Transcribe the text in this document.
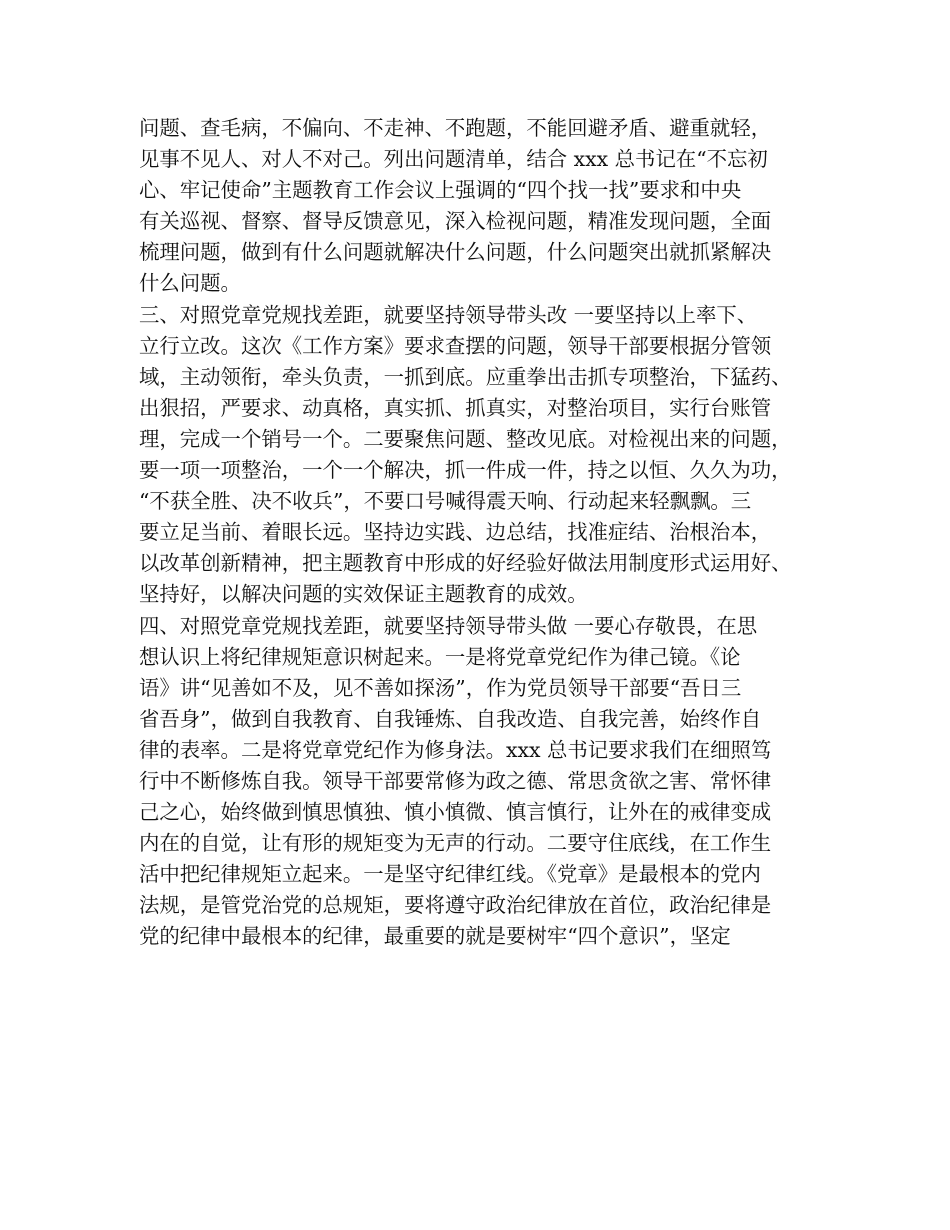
问题、查毛病，不偏向、不走神、不跑题，不能回避矛盾、避重就轻，
见事不见人、对人不对己。列出问题清单，结合 xxx 总书记在“不忘初
心、牢记使命”主题教育工作会议上强调的“四个找一找”要求和中央
有关巡视、督察、督导反馈意见，深入检视问题，精准发现问题，全面
梳理问题，做到有什么问题就解决什么问题，什么问题突出就抓紧解决
什么问题。
三、对照党章党规找差距，就要坚持领导带头改 一要坚持以上率下、
立行立改。这次《工作方案》要求查摆的问题，领导干部要根据分管领
域，主动领衔，牵头负责，一抓到底。应重拳出击抓专项整治，下猛药、
出狠招，严要求、动真格，真实抓、抓真实，对整治项目，实行台账管
理，完成一个销号一个。二要聚焦问题、整改见底。对检视出来的问题，
要一项一项整治，一个一个解决，抓一件成一件，持之以恒、久久为功，
“不获全胜、决不收兵”，不要口号喊得震天响、行动起来轻飘飘。三
要立足当前、着眼长远。坚持边实践、边总结，找准症结、治根治本，
以改革创新精神，把主题教育中形成的好经验好做法用制度形式运用好、
坚持好，以解决问题的实效保证主题教育的成效。
四、对照党章党规找差距，就要坚持领导带头做 一要心存敬畏，在思
想认识上将纪律规矩意识树起来。一是将党章党纪作为律己镜。《论
语》讲“见善如不及，见不善如探汤”，作为党员领导干部要“吾日三
省吾身”，做到自我教育、自我锤炼、自我改造、自我完善，始终作自
律的表率。二是将党章党纪作为修身法。xxx 总书记要求我们在细照笃
行中不断修炼自我。领导干部要常修为政之德、常思贪欲之害、常怀律
己之心，始终做到慎思慎独、慎小慎微、慎言慎行，让外在的戒律变成
内在的自觉，让有形的规矩变为无声的行动。二要守住底线，在工作生
活中把纪律规矩立起来。一是坚守纪律红线。《党章》是最根本的党内
法规，是管党治党的总规矩，要将遵守政治纪律放在首位，政治纪律是
党的纪律中最根本的纪律，最重要的就是要树牢“四个意识”，坚定
